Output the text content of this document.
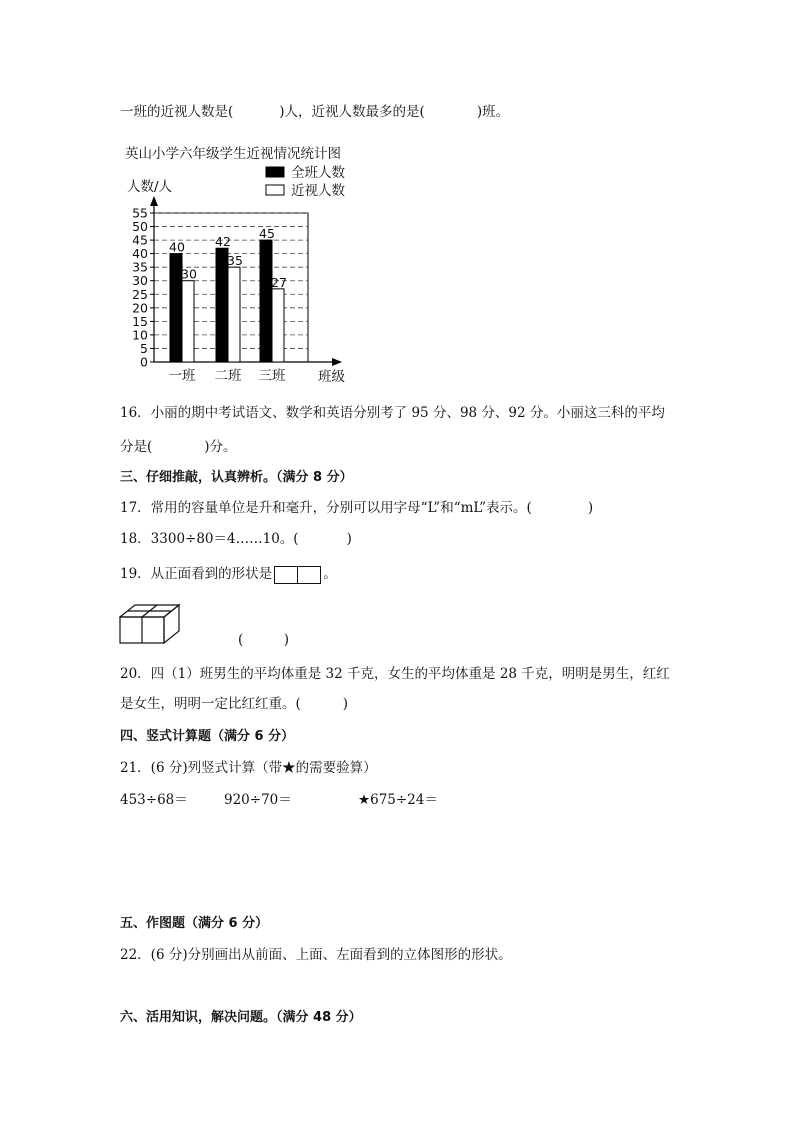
一班的近视人数是(	)人，近视人数最多的是(	)班。
英山小学六年级学生近视情况统计图
人数/人
全班人数
近视人数
0
5
10
15
20
25
30
35
40
45
50
55
40
30
一班
42
35
二班
45
27
三班 班级
16．小丽的期中考试语文、数学和英语分别考了 95 分、98 分、92 分。小丽这三科的平均
分是(	)分。
三、仔细推敲，认真辨析。（满分 8 分）
17．常用的容量单位是升和毫升，分别可以用字母“L”和“mL”表示。(	)
18．3300÷80＝4……10。(	)
19．从正面看到的形状是	。
(　　　)
20．四（1）班男生的平均体重是 32 千克，女生的平均体重是 28 千克，明明是男生，红红
是女生，明明一定比红红重。(	)
四、竖式计算题（满分 6 分）
21．(6 分)列竖式计算（带★的需要验算）
453÷68＝	920÷70＝	★675÷24＝
五、作图题（满分 6 分）
22．(6 分)分别画出从前面、上面、左面看到的立体图形的形状。
六、活用知识，解决问题。（满分 48 分）
